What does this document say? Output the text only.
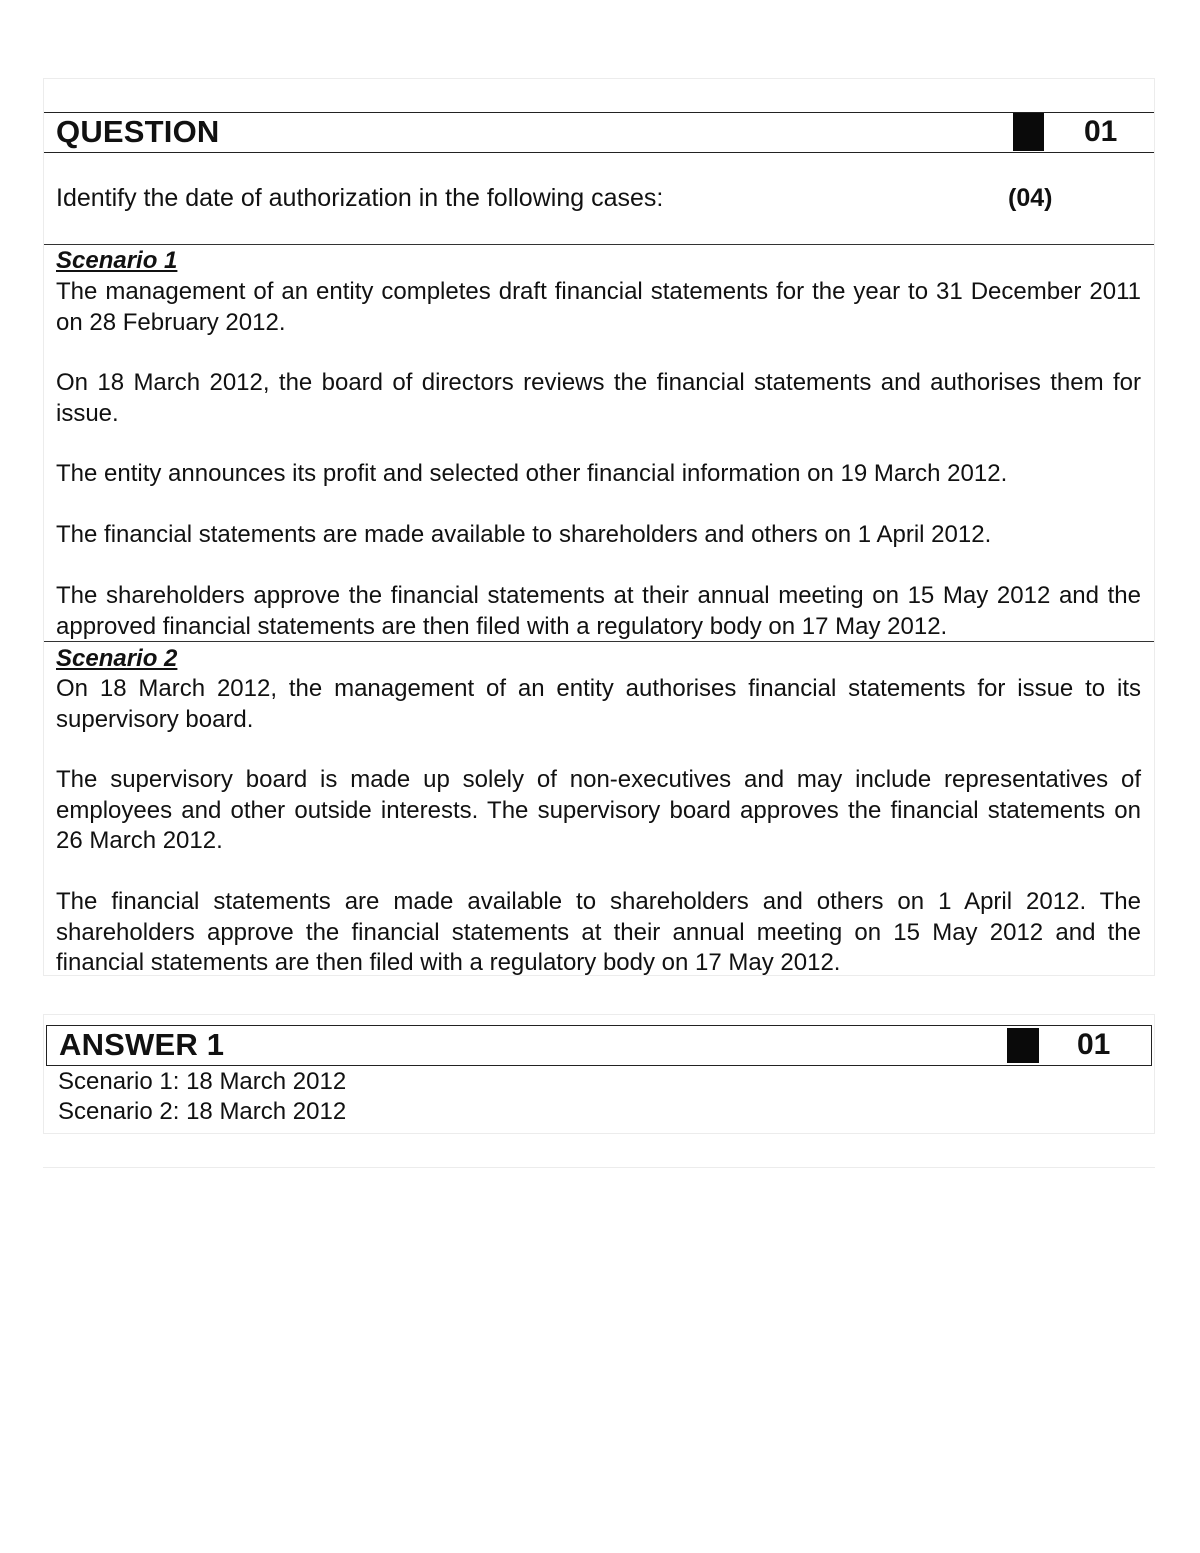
QUESTION	01
Identify the date of authorization in the following cases:	(04)
Scenario 1

The management of an entity completes draft financial statements for the year to 31 December 2011 on 28 February 2012.

On 18 March 2012, the board of directors reviews the financial statements and authorises them for issue.

The entity announces its profit and selected other financial information on 19 March 2012.

The financial statements are made available to shareholders and others on 1 April 2012.

The shareholders approve the financial statements at their annual meeting on 15 May 2012 and the approved financial statements are then filed with a regulatory body on 17 May 2012.

Scenario 2

On 18 March 2012, the management of an entity authorises financial statements for issue to its supervisory board.

The supervisory board is made up solely of non-executives and may include representatives of employees and other outside interests. The supervisory board approves the financial statements on 26 March 2012.

The financial statements are made available to shareholders and others on 1 April 2012. The shareholders approve the financial statements at their annual meeting on 15 May 2012 and the financial statements are then filed with a regulatory body on 17 May 2012.

ANSWER 1	01
Scenario 1: 18 March 2012
Scenario 2: 18 March 2012
